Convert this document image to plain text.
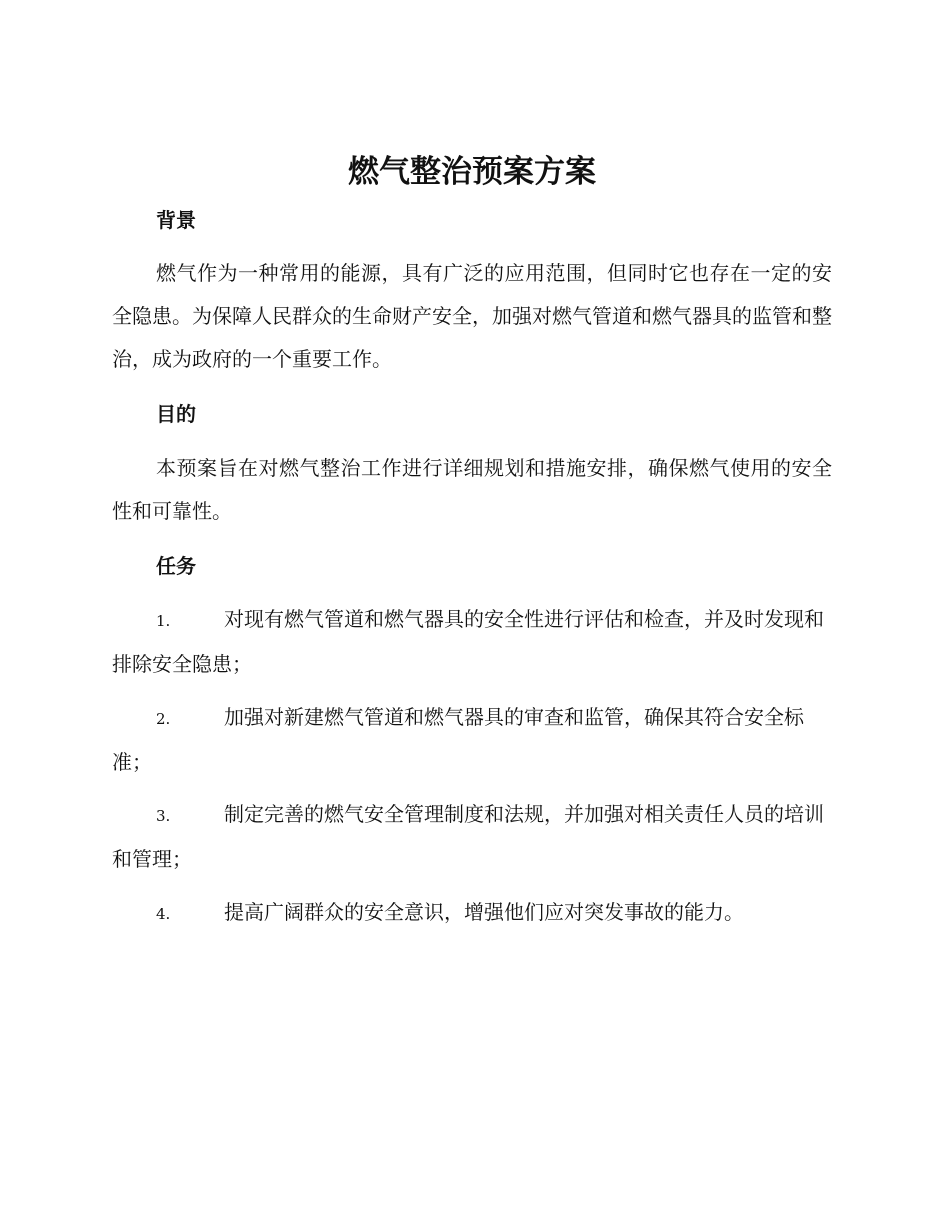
燃气整治预案方案
背景

燃气作为一种常用的能源，具有广泛的应用范围，但同时它也存在一定的安全隐患。为保障人民群众的生命财产安全，加强对燃气管道和燃气器具的监管和整治，成为政府的一个重要工作。

目的

本预案旨在对燃气整治工作进行详细规划和措施安排，确保燃气使用的安全性和可靠性。

任务

1.	对现有燃气管道和燃气器具的安全性进行评估和检查，并及时发现和排除安全隐患；

2.	加强对新建燃气管道和燃气器具的审查和监管，确保其符合安全标准；

3.	制定完善的燃气安全管理制度和法规，并加强对相关责任人员的培训和管理；

4.	提高广阔群众的安全意识，增强他们应对突发事故的能力。
